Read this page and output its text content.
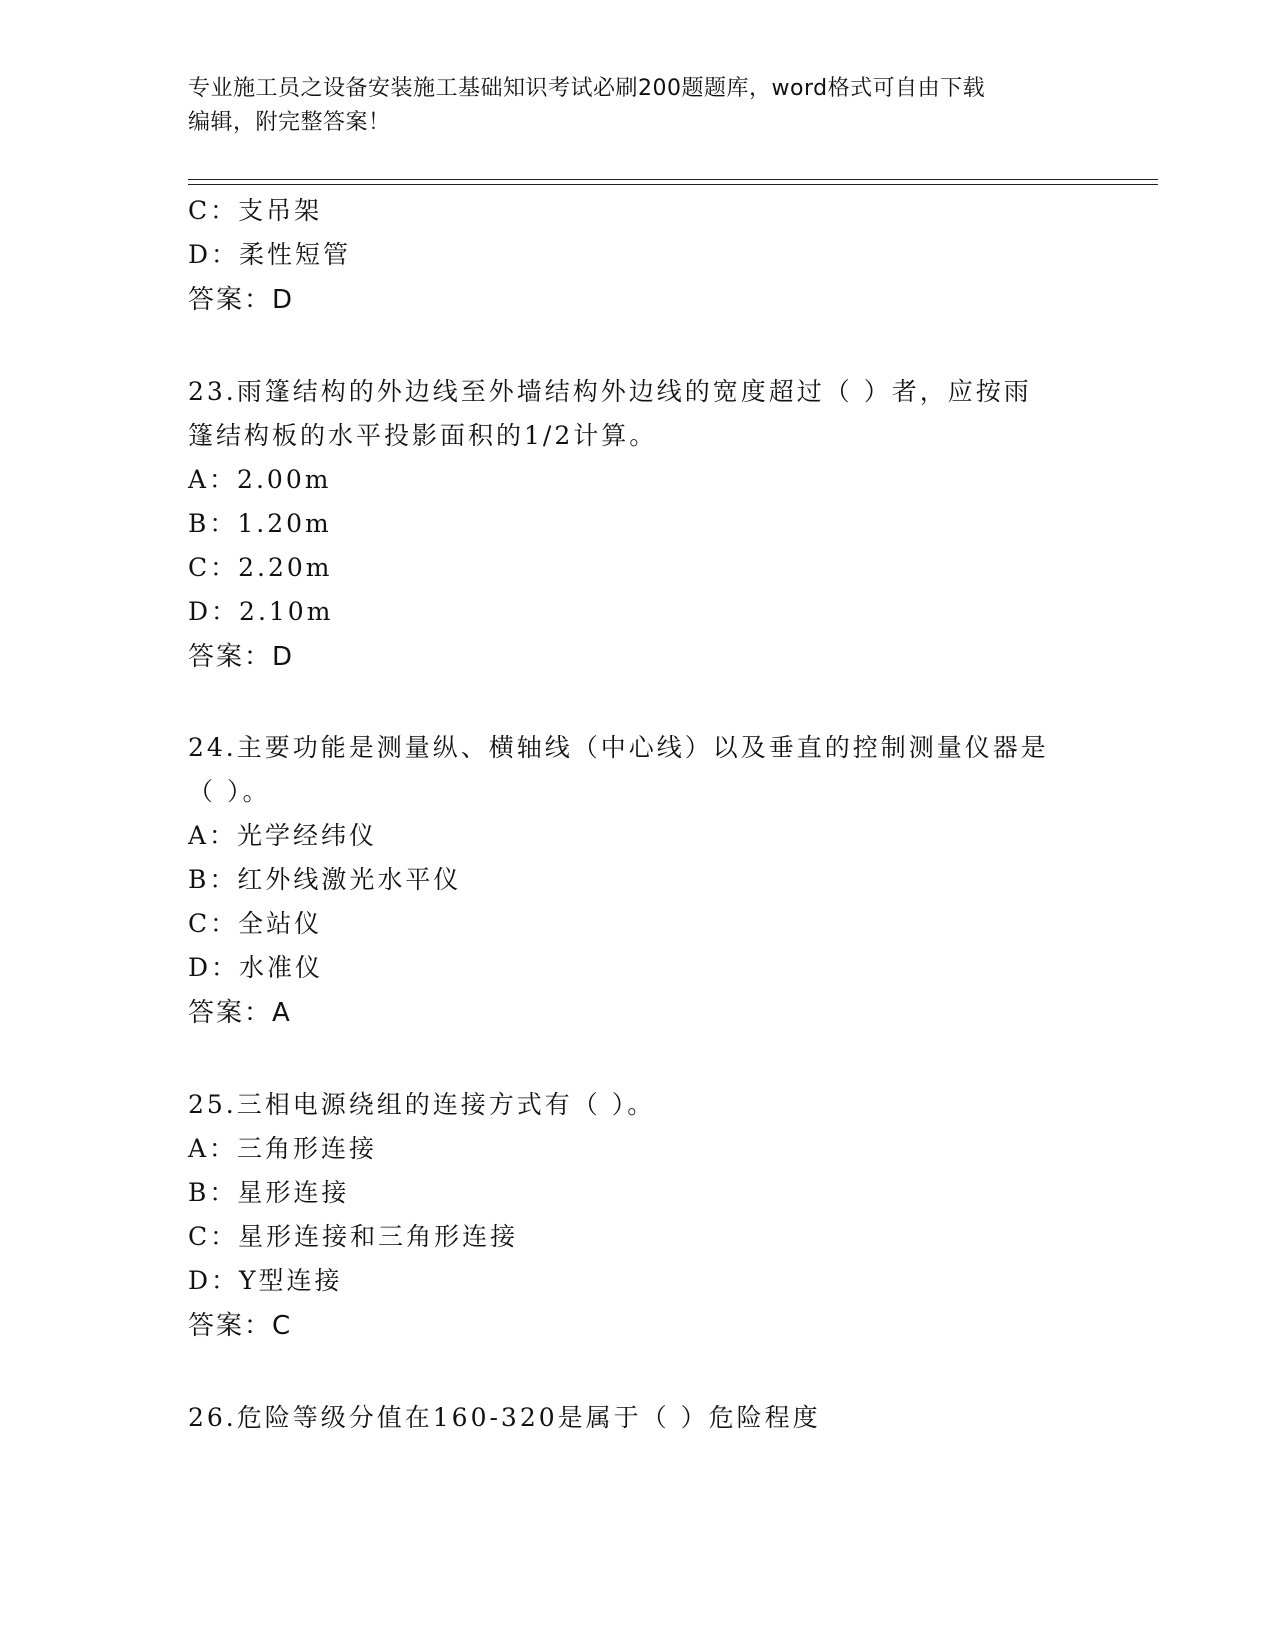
专业施工员之设备安装施工基础知识考试必刷200题题库，word格式可自由下载
编辑，附完整答案！
C：支吊架
D：柔性短管
答案：D
23.雨篷结构的外边线至外墙结构外边线的宽度超过（ ）者，应按雨
篷结构板的水平投影面积的1/2计算。
A：2.00m
B：1.20m
C：2.20m
D：2.10m
答案：D
24.主要功能是测量纵、横轴线（中心线）以及垂直的控制测量仪器是
（ ）。
A：光学经纬仪
B：红外线激光水平仪
C：全站仪
D：水准仪
答案：A
25.三相电源绕组的连接方式有（ ）。
A：三角形连接
B：星形连接
C：星形连接和三角形连接
D：Y型连接
答案：C
26.危险等级分值在160-320是属于（ ）危险程度
